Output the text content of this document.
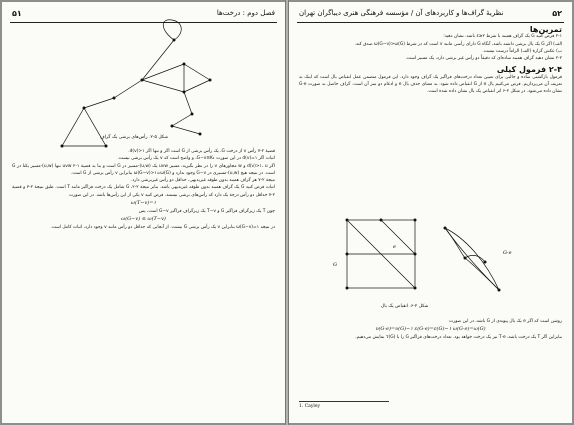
۵۱	فصل دوم : درخت‌ها
شکل ۵-۲. رأس‌های برشی یک گراف

قضیهٔ ۲-۷ رأس v از درخت G، یک رأس برشی از G است اگر و تنها اگر d(v)>۱.

اثبات اگر d(v)=۱ در این صورت G−v≅K₁، و واضح است که v یک رأس برشی نیست.

اگر d(v)>۱، u و w مجاورهای v را در نظر بگیرید، مسیر uvw یک (u,w)-مسیر در G است و بنا به قضیهٔ ۱-۲ uvw تنها (u,w)-مسیر یکتا در G است. در نتیجه هیچ (u,w)-مسیری در G−v وجود ندارد و ω(G−v)>۱=ω(G) بنابراین v رأس برشی از G است.

نتیجهٔ ۲-۷ هر گراف همبند بدون طوقه غیربدیهی، حداقل دو رأس غیربرشی دارد.

اثبات فرض کنید G یک گراف همبند بدون طوقه غیربدیهی باشد. بنابر نتیجهٔ ۲-۲، G شامل یک درخت فراگیر مانند T است. طبق نتیجهٔ ۲-۳ و قضیهٔ ۲-۷ حداقل دو رأس درجهٔ یک دارد که رأس‌های برشی نیستند. فرض کنید v یکی از این رأس‌ها باشد. در این صورت

ω(T−v)=۱

چون T یک زیرگراف فراگیر G و T−v یک زیرگراف فراگیر G−v است، پس

ω(G−v) ≤ ω(T−v)

در نتیجه ω(G−v)=۱ بنابراین v یک رأس برشی G نیست. از آنجایی که حداقل دو رأس مانند v وجود دارد، اثبات کامل است.

۵۲
نظریهٔ گراف‌ها و کاربردهای آن / مؤسسه فرهنگی هنری دیباگران تهران

تمرین‌ها

۲-۱ فرض کنید G یک گراف همبند با شرط ε≥۲ باشد. نشان دهید:

الف) اگر G یک یال برشی داشته باشد، آنگاه G دارای رأسی مانند v است که در شرط ω(G−v)>ω(G) صدق کند.

ب) عکس گزارهٔ (الف) الزاماً درست نیست.

۲-۲ نشان دهید گراف همبند ساده‌ای که دقیقاً دو رأس غیر برشی دارد، یک مسیر است.

۲-۴ فرمول کیلی

فرمول بازگشتی ساده و جالبی برای تعیین تعداد درخت‌های فراگیر یک گراف وجود دارد. این فرمول متضمن عمل انقباض یال است که اینک به تعریف آن می‌پردازیم. فرض می‌کنیم یال e از G انقباض داده شود. به معنای حذف یال e و ادغام دو سر آن است. گراف حاصل به صورت G·e نشان داده می‌شود. در شکل ۲-۶ اثر انقباض یک یال نشان داده شده است.

G
e
G·e
شکل ۲-۶. انقباض یک یال

روشن است که اگر e یک یال پیوندی از G باشد، در این صورت

υ(G·e)=υ(G)−۱ ε(G·e)=ε(G)−۱ ω(G·e)=ω(G)

بنابراین اگر T یک درخت باشد، T·e نیز یک درخت خواهد بود. تعداد درخت‌های فراگیر G را با τ(G) نمایش می‌دهیم.

1. Cayley
